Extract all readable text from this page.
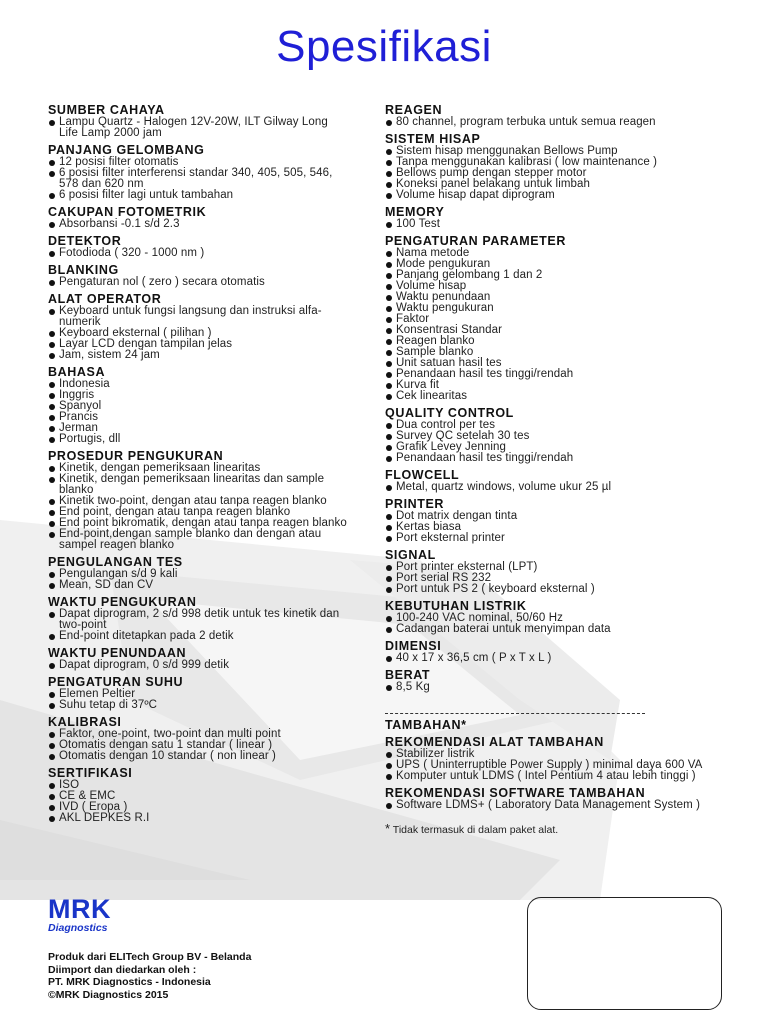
Spesifikasi
SUMBER CAHAYA
Lampu Quartz - Halogen 12V-20W, ILT Gilway Long Life Lamp 2000 jam
PANJANG GELOMBANG
12 posisi filter otomatis
6 posisi filter interferensi standar 340, 405, 505, 546, 578 dan 620 nm
6 posisi filter lagi untuk tambahan
CAKUPAN FOTOMETRIK
Absorbansi -0.1 s/d 2.3
DETEKTOR
Fotodioda ( 320 - 1000 nm )
BLANKING
Pengaturan nol ( zero ) secara otomatis
ALAT OPERATOR
Keyboard untuk fungsi langsung dan instruksi alfa-numerik
Keyboard eksternal ( pilihan )
Layar LCD dengan tampilan jelas
Jam, sistem 24 jam
BAHASA
Indonesia
Inggris
Spanyol
Prancis
Jerman
Portugis, dll
PROSEDUR PENGUKURAN
Kinetik, dengan pemeriksaan linearitas
Kinetik, dengan pemeriksaan linearitas dan sample blanko
Kinetik two-point, dengan atau tanpa reagen blanko
End point, dengan atau tanpa reagen blanko
End point bikromatik, dengan atau tanpa reagen blanko
End-point,dengan sample blanko dan dengan atau sampel reagen blanko
PENGULANGAN TES
Pengulangan s/d 9 kali
Mean, SD dan CV
WAKTU PENGUKURAN
Dapat diprogram, 2 s/d 998 detik untuk tes kinetik dan two-point
End-point ditetapkan pada 2 detik
WAKTU PENUNDAAN
Dapat diprogram, 0 s/d 999 detik
PENGATURAN SUHU
Elemen Peltier
Suhu tetap di 37ºC
KALIBRASI
Faktor, one-point, two-point dan multi point
Otomatis dengan satu 1 standar ( linear )
Otomatis dengan 10 standar ( non linear )
SERTIFIKASI
ISO
CE & EMC
IVD ( Eropa )
AKL DEPKES R.I
REAGEN
80 channel, program terbuka untuk semua reagen
SISTEM HISAP
Sistem hisap menggunakan Bellows Pump
Tanpa menggunakan kalibrasi ( low maintenance )
Bellows pump dengan stepper motor
Koneksi panel belakang untuk limbah
Volume hisap dapat diprogram
MEMORY
100 Test
PENGATURAN PARAMETER
Nama metode
Mode pengukuran
Panjang gelombang 1 dan 2
Volume hisap
Waktu penundaan
Waktu pengukuran
Faktor
Konsentrasi Standar
Reagen blanko
Sample blanko
Unit satuan hasil tes
Penandaan hasil tes tinggi/rendah
Kurva fit
Cek linearitas
QUALITY CONTROL
Dua control per tes
Survey QC setelah 30 tes
Grafik Levey Jenning
Penandaan hasil tes tinggi/rendah
FLOWCELL
Metal, quartz windows, volume ukur 25 µl
PRINTER
Dot matrix dengan tinta
Kertas biasa
Port eksternal printer
SIGNAL
Port printer eksternal (LPT)
Port serial RS 232
Port untuk PS 2 ( keyboard eksternal )
KEBUTUHAN LISTRIK
100-240 VAC nominal, 50/60 Hz
Cadangan baterai untuk menyimpan data
DIMENSI
40 x 17 x 36,5 cm ( P x T x L )
BERAT
8,5 Kg
TAMBAHAN*
REKOMENDASI ALAT TAMBAHAN
Stabilizer listrik
UPS ( Uninterruptible Power Supply ) minimal daya 600 VA
Komputer untuk LDMS ( Intel Pentium 4 atau lebih tinggi )
REKOMENDASI SOFTWARE TAMBAHAN
Software LDMS+ ( Laboratory Data Management System )
* Tidak termasuk di dalam paket alat.
MRK
Diagnostics
Produk dari ELITech Group BV - Belanda
Diimport dan diedarkan oleh :
PT. MRK Diagnostics - Indonesia
©MRK Diagnostics 2015
